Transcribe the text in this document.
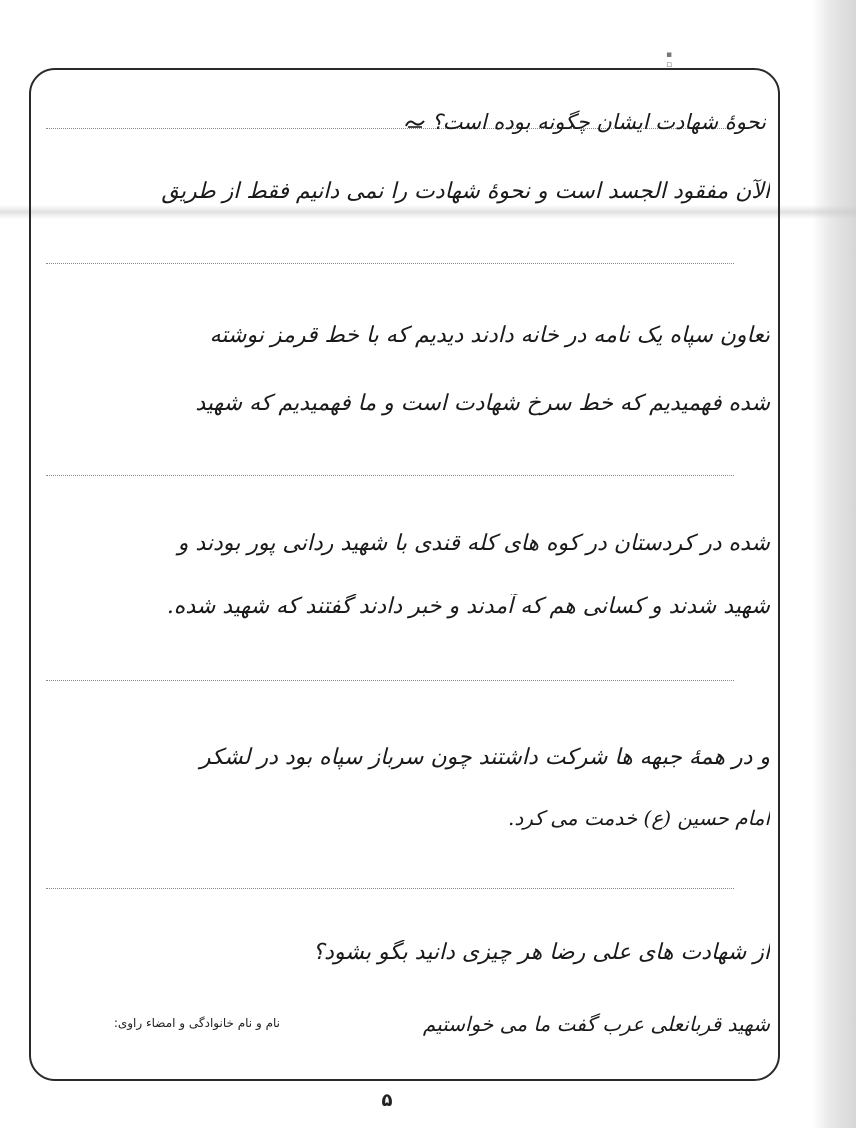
▪ ▫
نحوهٔ شهادت ایشان چگونه بوده است؟
الآن مفقود الجسد است و نحوهٔ شهادت را نمی دانیم فقط از طریق
تعاون سپاه یک نامه در خانه دادند دیدیم که با خط قرمز نوشته
شده فهمیدیم که خط سرخ شهادت است و ما فهمیدیم که شهید
شده در کردستان در کوه های کله قندی با شهید ردانی پور بودند و
شهید شدند و کسانی هم که آمدند و خبر دادند گفتند که شهید شده.
و در همهٔ جبهه ها شرکت داشتند چون سرباز سپاه بود در لشکر
امام حسین (ع) خدمت می کرد.
از شهادت های علی رضا هر چیزی دانید بگو بشود؟
شهید قربانعلی عرب گفت ما می خواستیم
نام و نام خانوادگی و امضاء راوی:
۵
